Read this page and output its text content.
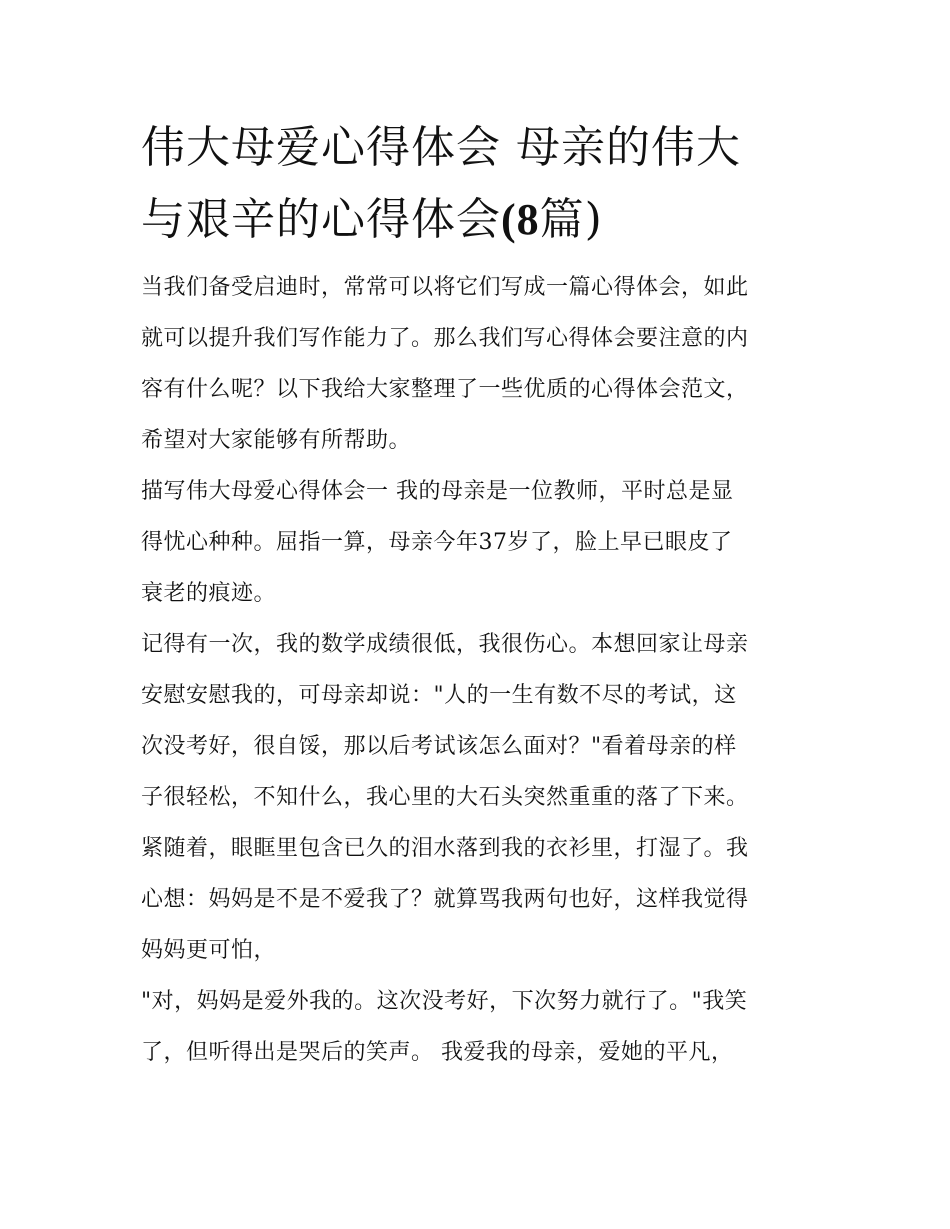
伟大母爱心得体会 母亲的伟大
与艰辛的心得体会(8篇)

当我们备受启迪时，常常可以将它们写成一篇心得体会，如此
就可以提升我们写作能力了。那么我们写心得体会要注意的内
容有什么呢？以下我给大家整理了一些优质的心得体会范文，
希望对大家能够有所帮助。

描写伟大母爱心得体会一 我的母亲是一位教师，平时总是显
得忧心种种。屈指一算，母亲今年37岁了，脸上早已眼皮了
衰老的痕迹。

记得有一次，我的数学成绩很低，我很伤心。本想回家让母亲
安慰安慰我的，可母亲却说："人的一生有数不尽的考试，这
次没考好，很自馁，那以后考试该怎么面对？"看着母亲的样
子很轻松，不知什么，我心里的大石头突然重重的落了下来。
紧随着，眼眶里包含已久的泪水落到我的衣衫里，打湿了。我
心想：妈妈是不是不爱我了？就算骂我两句也好，这样我觉得
妈妈更可怕，

"对，妈妈是爱外我的。这次没考好，下次努力就行了。"我笑
了，但听得出是哭后的笑声。 我爱我的母亲，爱她的平凡，
